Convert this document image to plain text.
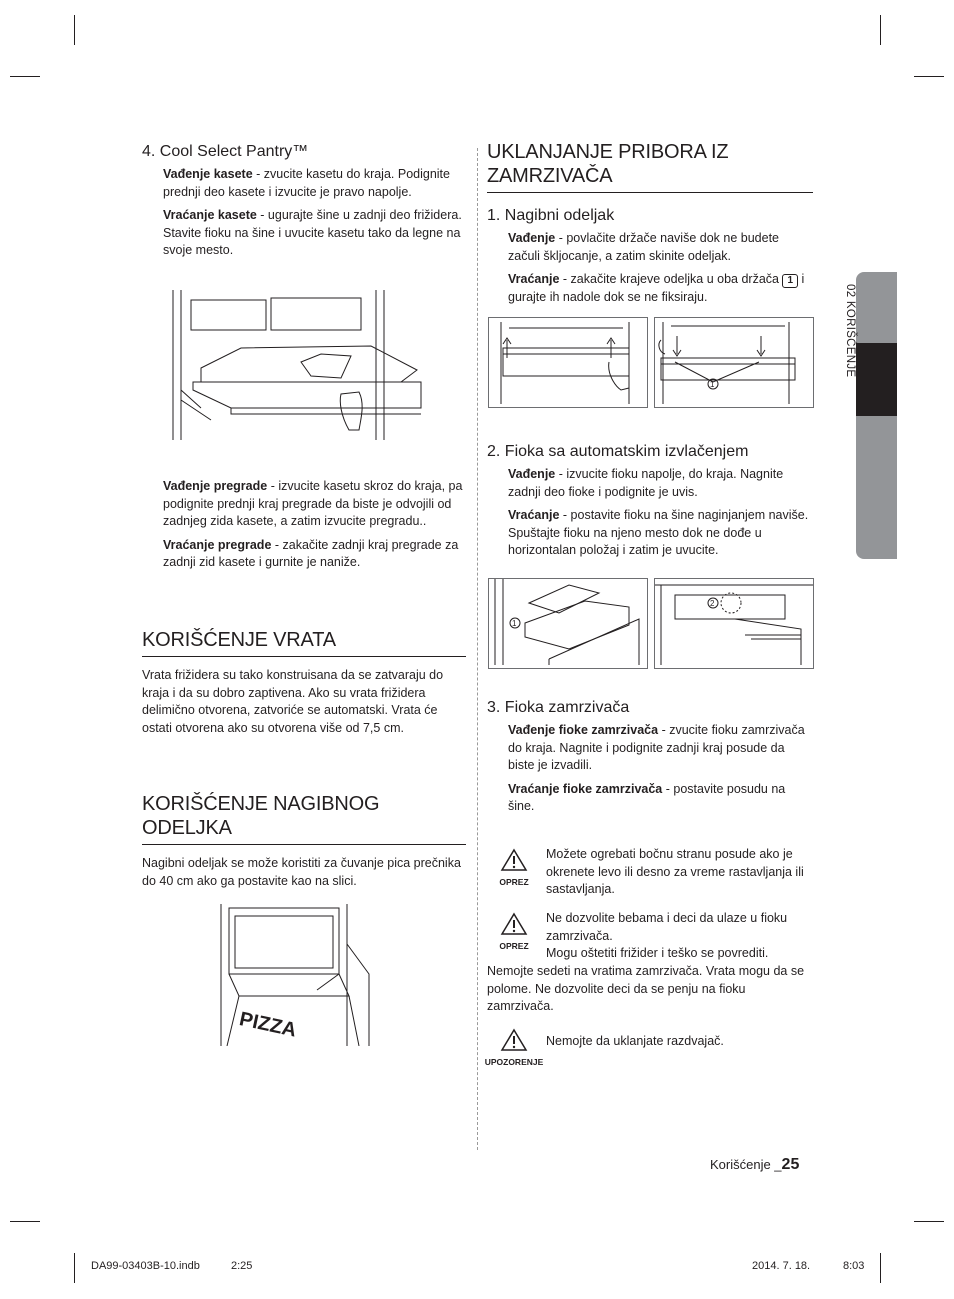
02 KORIŠĆENJE
4. Cool Select Pantry™
Vađenje kasete - zvucite kasetu do kraja. Podignite prednji deo kasete i izvucite je pravo napolje.
Vraćanje kasete - ugurajte šine u zadnji deo frižidera. Stavite fioku na šine i uvucite kasetu tako da legne na svoje mesto.
Vađenje pregrade - izvucite kasetu skroz do kraja, pa podignite prednji kraj pregrade da biste je odvojili od zadnjeg zida kasete, a zatim izvucite pregradu..
Vraćanje pregrade - zakačite zadnji kraj pregrade za zadnji zid kasete i gurnite je naniže.
KORIŠĆENJE VRATA
Vrata frižidera su tako konstruisana da se zatvaraju do kraja i da su dobro zaptivena. Ako su vrata frižidera delimično otvorena, zatvoriće se automatski. Vrata će ostati otvorena ako su otvorena više od 7,5 cm.
KORIŠĆENJE NAGIBNOG ODELJKA
Nagibni odeljak se može koristiti za čuvanje pica prečnika do 40 cm ako ga postavite kao na slici.
PIZZA
UKLANJANJE PRIBORA IZ ZAMRZIVAČA
1. Nagibni odeljak
Vađenje - povlačite držače naviše dok ne budete začuli škljocanje, a zatim skinite odeljak.
Vraćanje - zakačite krajeve odeljka u oba držača 1 i gurajte ih nadole dok se ne fiksiraju.
1
2. Fioka sa automatskim izvlačenjem
Vađenje - izvucite fioku napolje, do kraja. Nagnite zadnji deo fioke i podignite je uvis.
Vraćanje - postavite fioku na šine naginjanjem naviše. Spuštajte fioku na njeno mesto dok ne dođe u horizontalan položaj i zatim je uvucite.
1
2
3. Fioka zamrzivača
Vađenje fioke zamrzivača - zvucite fioku zamrzivača do kraja. Nagnite i podignite zadnji kraj posude da biste je izvadili.
Vraćanje fioke zamrzivača - postavite posudu na šine.
OPREZ
Možete ogrebati bočnu stranu posude ako je okrenete levo ili desno za vreme rastavljanja ili sastavljanja.
OPREZ
Ne dozvolite bebama i deci da ulaze u fioku zamrzivača.
Mogu oštetiti frižider i teško se povrediti.
Nemojte sedeti na vratima zamrzivača. Vrata mogu da se polome. Ne dozvolite deci da se penju na fioku zamrzivača.
UPOZORENJE
Nemojte da uklanjate razdvajač.
Korišćenje _25
DA99-03403B-10.indb	2:25	2014. 7. 18.	8:03
